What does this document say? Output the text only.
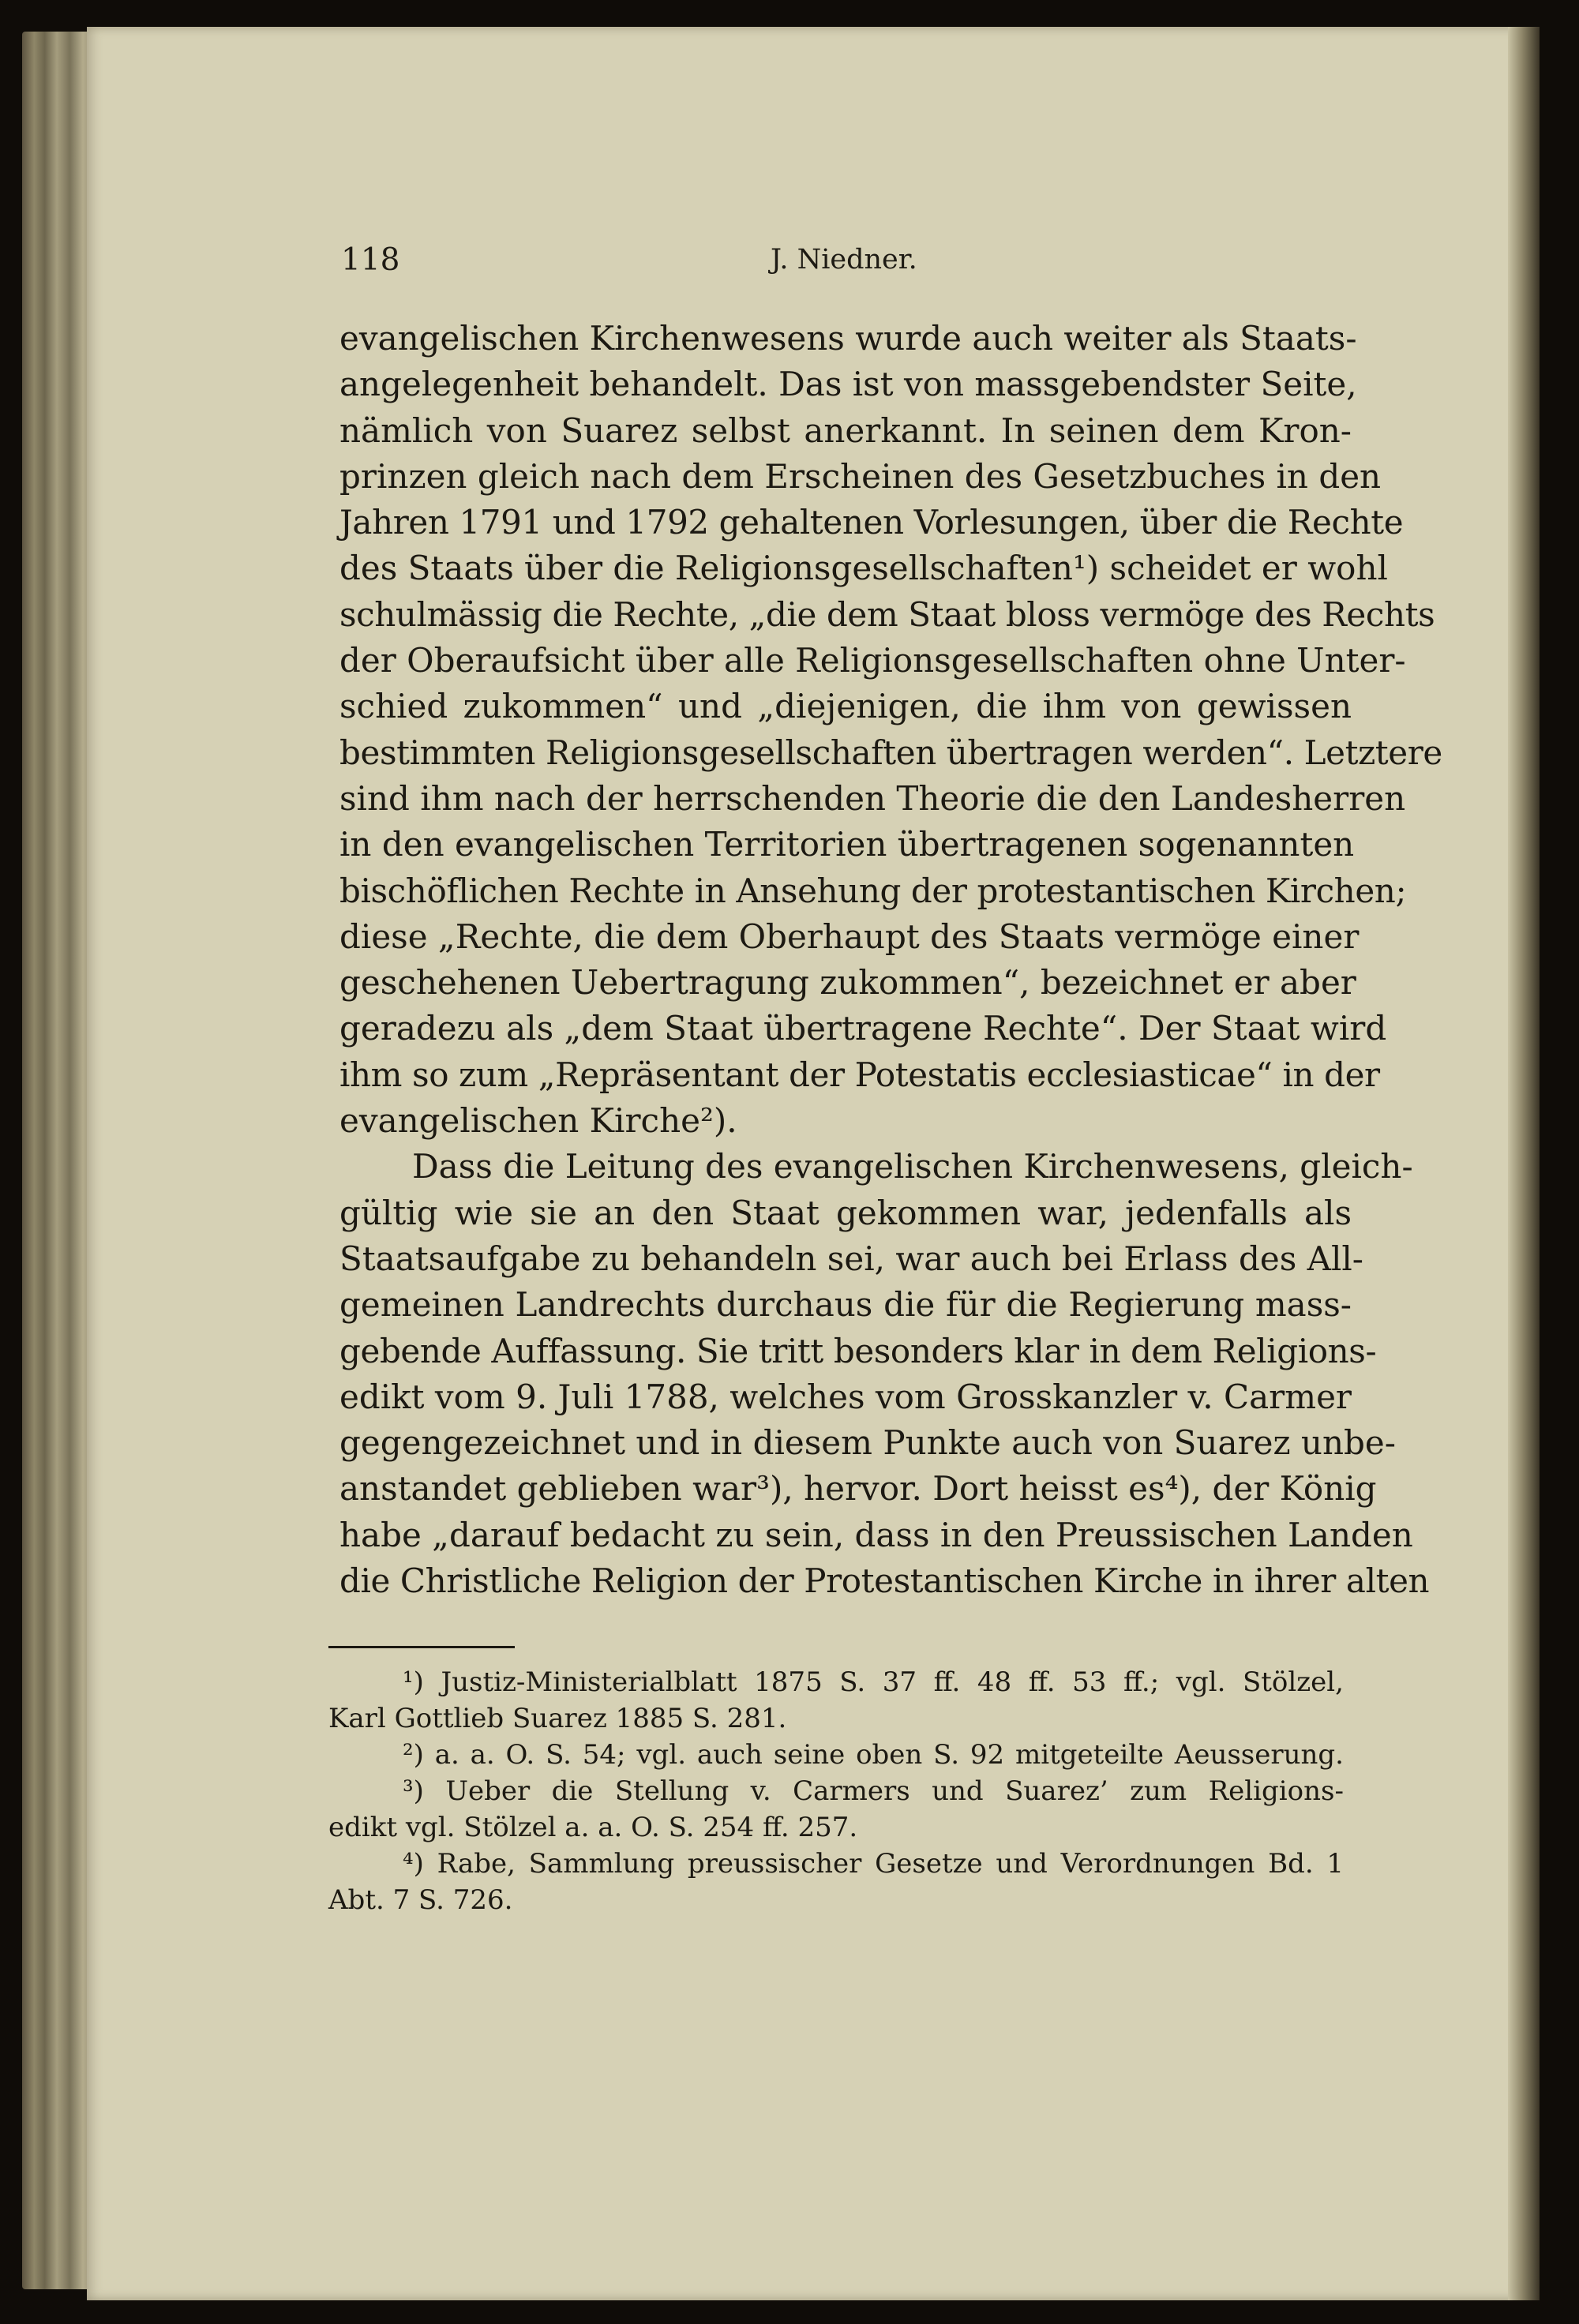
118	J. Niedner.
evangelischen Kirchenwesens wurde auch weiter als Staats-
angelegenheit behandelt. Das ist von massgebendster Seite,
nämlich von Suarez selbst anerkannt. In seinen dem Kron-
prinzen gleich nach dem Erscheinen des Gesetzbuches in den
Jahren 1791 und 1792 gehaltenen Vorlesungen, über die Rechte
des Staats über die Religionsgesellschaften¹) scheidet er wohl
schulmässig die Rechte, „die dem Staat bloss vermöge des Rechts
der Oberaufsicht über alle Religionsgesellschaften ohne Unter-
schied zukommen“ und „diejenigen, die ihm von gewissen
bestimmten Religionsgesellschaften übertragen werden“. Letztere
sind ihm nach der herrschenden Theorie die den Landesherren
in den evangelischen Territorien übertragenen sogenannten
bischöflichen Rechte in Ansehung der protestantischen Kirchen;
diese „Rechte, die dem Oberhaupt des Staats vermöge einer
geschehenen Uebertragung zukommen“, bezeichnet er aber
geradezu als „dem Staat übertragene Rechte“. Der Staat wird
ihm so zum „Repräsentant der Potestatis ecclesiasticae“ in der
evangelischen Kirche²).
Dass die Leitung des evangelischen Kirchenwesens, gleich-
gültig wie sie an den Staat gekommen war, jedenfalls als
Staatsaufgabe zu behandeln sei, war auch bei Erlass des All-
gemeinen Landrechts durchaus die für die Regierung mass-
gebende Auffassung. Sie tritt besonders klar in dem Religions-
edikt vom 9. Juli 1788, welches vom Grosskanzler v. Carmer
gegengezeichnet und in diesem Punkte auch von Suarez unbe-
anstandet geblieben war³), hervor. Dort heisst es⁴), der König
habe „darauf bedacht zu sein, dass in den Preussischen Landen
die Christliche Religion der Protestantischen Kirche in ihrer alten
¹) Justiz-Ministerialblatt 1875 S. 37 ff. 48 ff. 53 ff.; vgl. Stölzel,
Karl Gottlieb Suarez 1885 S. 281.
²) a. a. O. S. 54; vgl. auch seine oben S. 92 mitgeteilte Aeusserung.
³) Ueber die Stellung v. Carmers und Suarez’ zum Religions-
edikt vgl. Stölzel a. a. O. S. 254 ff. 257.
⁴) Rabe, Sammlung preussischer Gesetze und Verordnungen Bd. 1
Abt. 7 S. 726.
